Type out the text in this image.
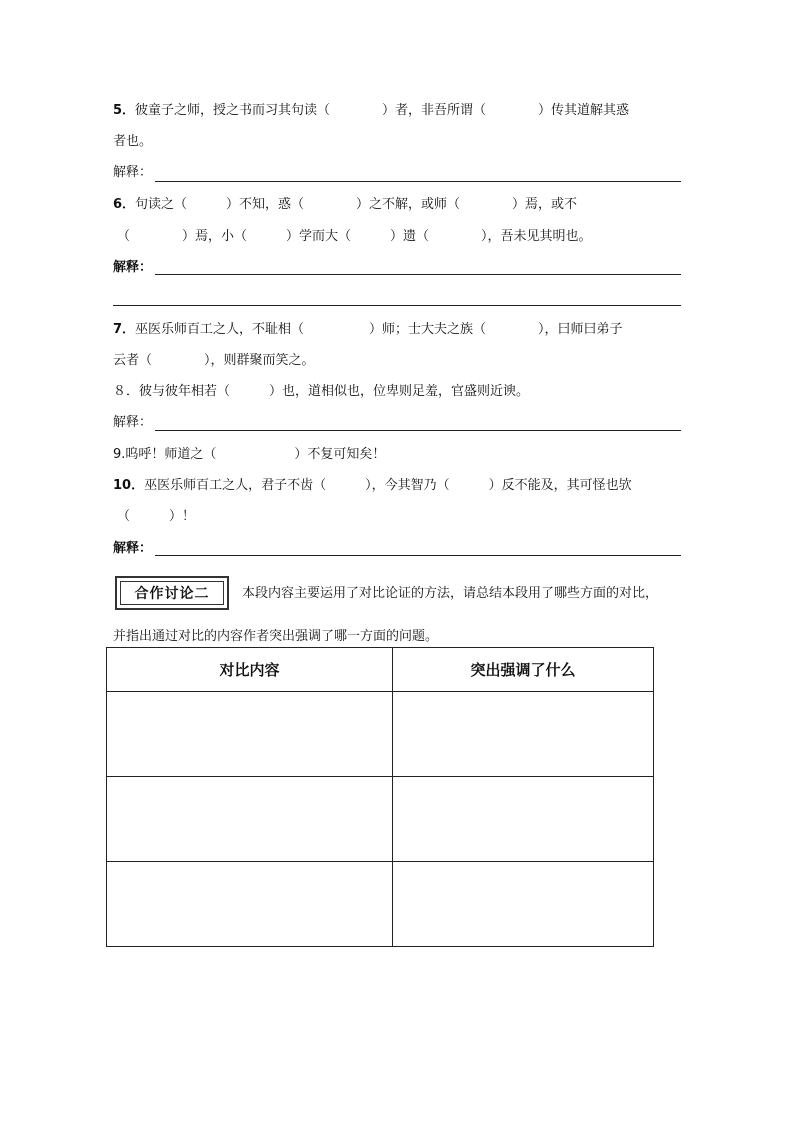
5．彼童子之师，授之书而习其句读（　　　　）者，非吾所谓（　　　　）传其道解其惑
者也。
解释：
6．句读之（　　　）不知，惑（　　　　）之不解，或师（　　　　）焉，或不
（　　　　）焉，小（　　　）学而大（　　　）遗（　　　　），吾未见其明也。
解释：
7．巫医乐师百工之人，不耻相（　　　　　）师；士大夫之族（　　　　），曰师曰弟子
云者（　　　　），则群聚而笑之。
８．彼与彼年相若（　　　）也，道相似也，位卑则足羞，官盛则近谀。
解释：
9.呜呼！师道之（　　　　　　）不复可知矣！
10．巫医乐师百工之人，君子不齿（　　　），今其智乃（　　　）反不能及，其可怪也欤
（　　　）！
解释：
合作讨论二	本段内容主要运用了对比论证的方法，请总结本段用了哪些方面的对比，
并指出通过对比的内容作者突出强调了哪一方面的问题。
对比内容	突出强调了什么
